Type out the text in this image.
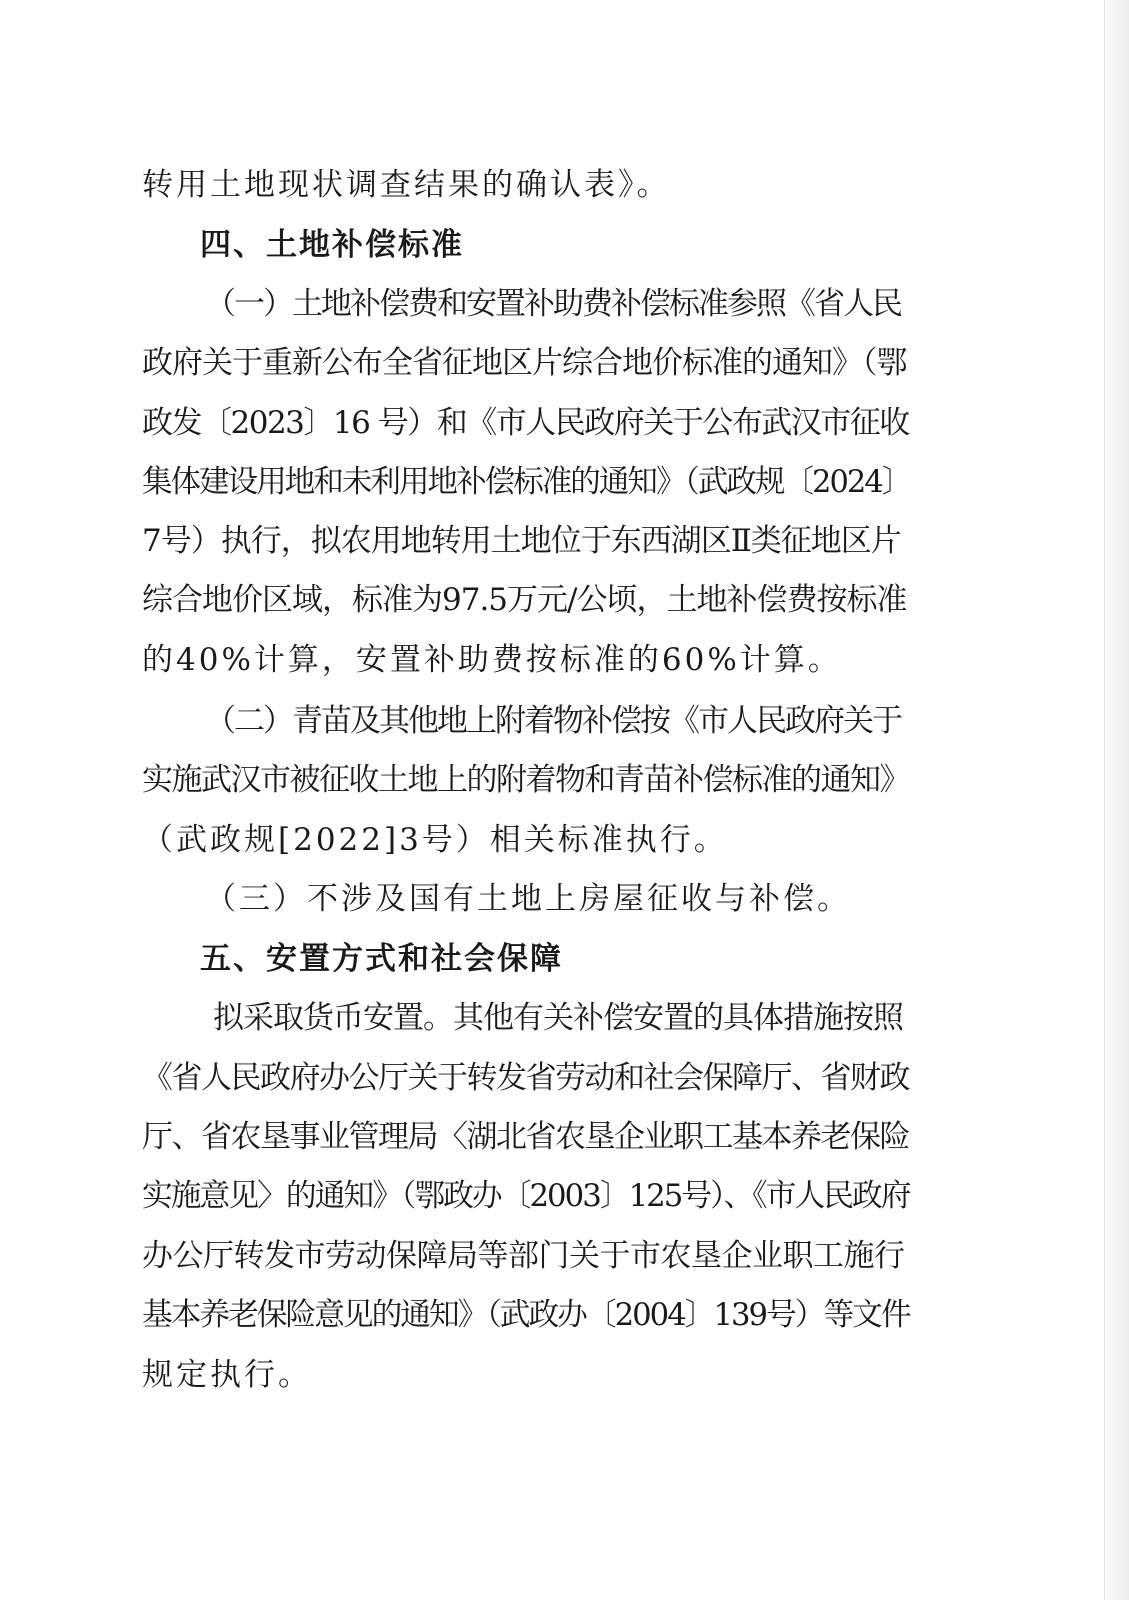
转用土地现状调查结果的确认表》。
四、土地补偿标准
（一）土地补偿费和安置补助费补偿标准参照《省人民
政府关于重新公布全省征地区片综合地价标准的通知》（鄂
政发〔2023〕16 号）和《市人民政府关于公布武汉市征收
集体建设用地和未利用地补偿标准的通知》（武政规〔2024〕
7号）执行，拟农用地转用土地位于东西湖区Ⅱ类征地区片
综合地价区域，标准为97.5万元/公顷，土地补偿费按标准
的40%计算，安置补助费按标准的60%计算。
（二）青苗及其他地上附着物补偿按《市人民政府关于
实施武汉市被征收土地上的附着物和青苗补偿标准的通知》
（武政规[2022]3号）相关标准执行。
（三）不涉及国有土地上房屋征收与补偿。
五、安置方式和社会保障
拟采取货币安置。其他有关补偿安置的具体措施按照
《省人民政府办公厅关于转发省劳动和社会保障厅、省财政
厅、省农垦事业管理局〈湖北省农垦企业职工基本养老保险
实施意见〉的通知》（鄂政办〔2003〕125号）、《市人民政府
办公厅转发市劳动保障局等部门关于市农垦企业职工施行
基本养老保险意见的通知》（武政办〔2004〕139号）等文件
规定执行。
